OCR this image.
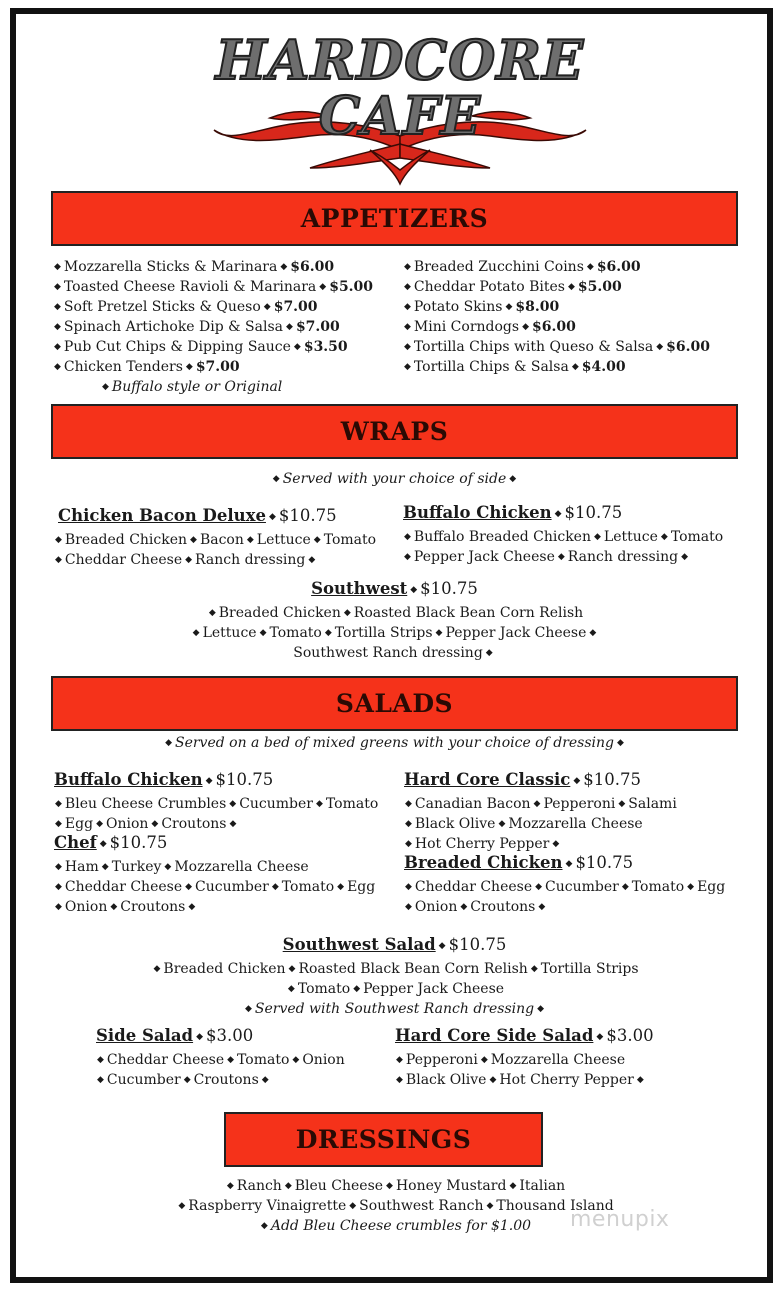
HARDCORE
CAFE
APPETIZERS
◆ Mozzarella Sticks & Marinara ◆ $6.00
◆ Toasted Cheese Ravioli & Marinara ◆ $5.00
◆ Soft Pretzel Sticks & Queso ◆ $7.00
◆ Spinach Artichoke Dip & Salsa ◆ $7.00
◆ Pub Cut Chips & Dipping Sauce ◆ $3.50
◆ Chicken Tenders ◆ $7.00
◆ Buffalo style or Original
◆ Breaded Zucchini Coins ◆ $6.00
◆ Cheddar Potato Bites ◆ $5.00
◆ Potato Skins ◆ $8.00
◆ Mini Corndogs ◆ $6.00
◆ Tortilla Chips with Queso & Salsa ◆ $6.00
◆ Tortilla Chips & Salsa ◆ $4.00
WRAPS
◆ Served with your choice of side ◆
Chicken Bacon Deluxe ◆ $10.75
◆ Breaded Chicken ◆ Bacon ◆ Lettuce ◆ Tomato
◆ Cheddar Cheese ◆ Ranch dressing ◆
Buffalo Chicken ◆ $10.75
◆ Buffalo Breaded Chicken ◆ Lettuce ◆ Tomato
◆ Pepper Jack Cheese ◆ Ranch dressing ◆
Southwest ◆ $10.75
◆ Breaded Chicken ◆ Roasted Black Bean Corn Relish
◆ Lettuce ◆ Tomato ◆ Tortilla Strips ◆ Pepper Jack Cheese ◆
Southwest Ranch dressing ◆
SALADS
◆ Served on a bed of mixed greens with your choice of dressing ◆
Buffalo Chicken ◆ $10.75
◆ Bleu Cheese Crumbles ◆ Cucumber ◆ Tomato
◆ Egg ◆ Onion ◆ Croutons ◆
Chef ◆ $10.75
◆ Ham ◆ Turkey ◆ Mozzarella Cheese
◆ Cheddar Cheese ◆ Cucumber ◆ Tomato ◆ Egg
◆ Onion ◆ Croutons ◆
Hard Core Classic ◆ $10.75
◆ Canadian Bacon ◆ Pepperoni ◆ Salami
◆ Black Olive ◆ Mozzarella Cheese
◆ Hot Cherry Pepper ◆
Breaded Chicken ◆ $10.75
◆ Cheddar Cheese ◆ Cucumber ◆ Tomato ◆ Egg
◆ Onion ◆ Croutons ◆
Southwest Salad ◆ $10.75
◆ Breaded Chicken ◆ Roasted Black Bean Corn Relish ◆ Tortilla Strips
◆ Tomato ◆ Pepper Jack Cheese
◆ Served with Southwest Ranch dressing ◆
Side Salad ◆ $3.00
◆ Cheddar Cheese ◆ Tomato ◆ Onion
◆ Cucumber ◆ Croutons ◆
Hard Core Side Salad ◆ $3.00
◆ Pepperoni ◆ Mozzarella Cheese
◆ Black Olive ◆ Hot Cherry Pepper ◆
DRESSINGS
◆ Ranch ◆ Bleu Cheese ◆ Honey Mustard ◆ Italian
◆ Raspberry Vinaigrette ◆ Southwest Ranch ◆ Thousand Island
◆ Add Bleu Cheese crumbles for $1.00	menupix
